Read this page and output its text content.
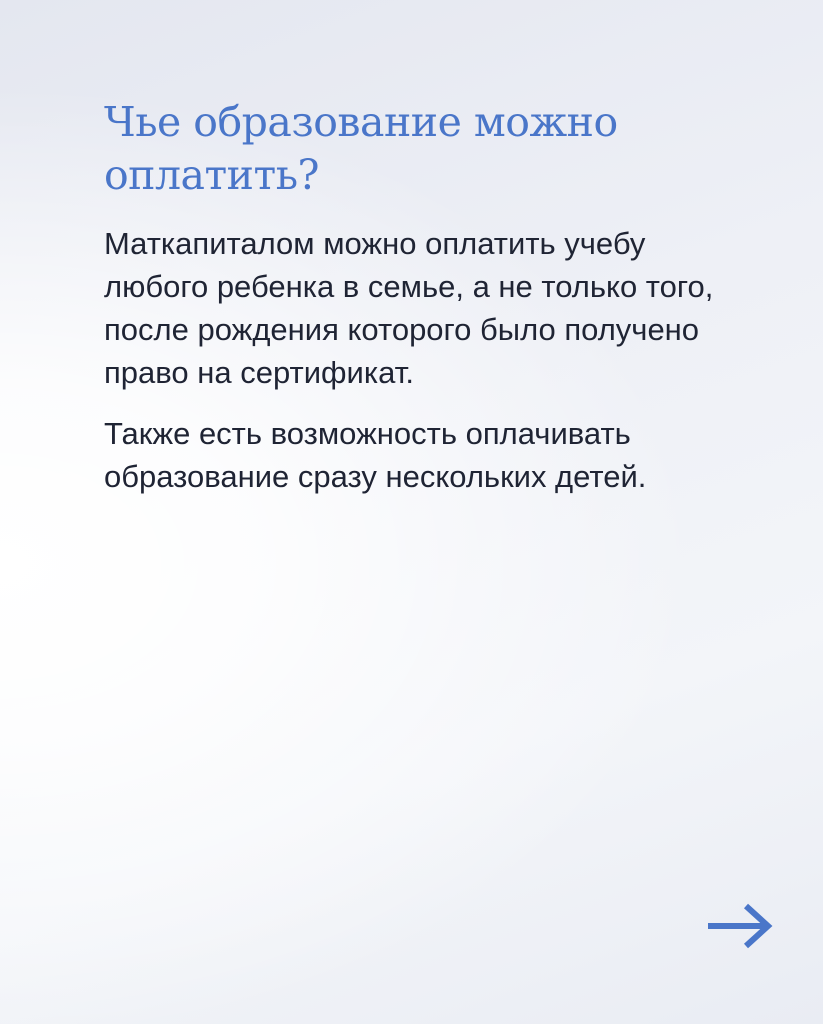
Чье образование можно оплатить?

Маткапиталом можно оплатить учебу любого ребенка в семье, а не только того, после рождения которого было получено право на сертификат.

Также есть возможность оплачивать образование сразу нескольких детей.
